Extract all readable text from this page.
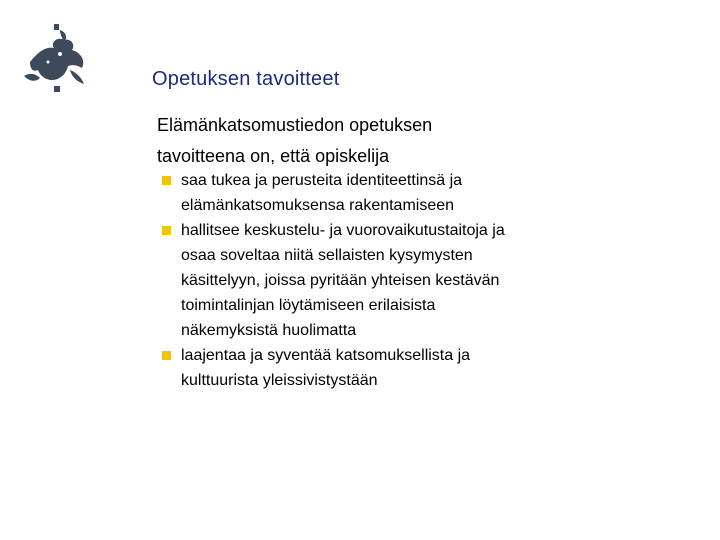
Opetuksen tavoitteet

Elämänkatsomustiedon opetuksen
tavoitteena on, että opiskelija

saa tukea ja perusteita identiteettinsä ja
elämänkatsomuksensa rakentamiseen
hallitsee keskustelu- ja vuorovaikutustaitoja ja
osaa soveltaa niitä sellaisten kysymysten
käsittelyyn, joissa pyritään yhteisen kestävän
toimintalinjan löytämiseen erilaisista
näkemyksistä huolimatta
laajentaa ja syventää katsomuksellista ja
kulttuurista yleissivistystään
